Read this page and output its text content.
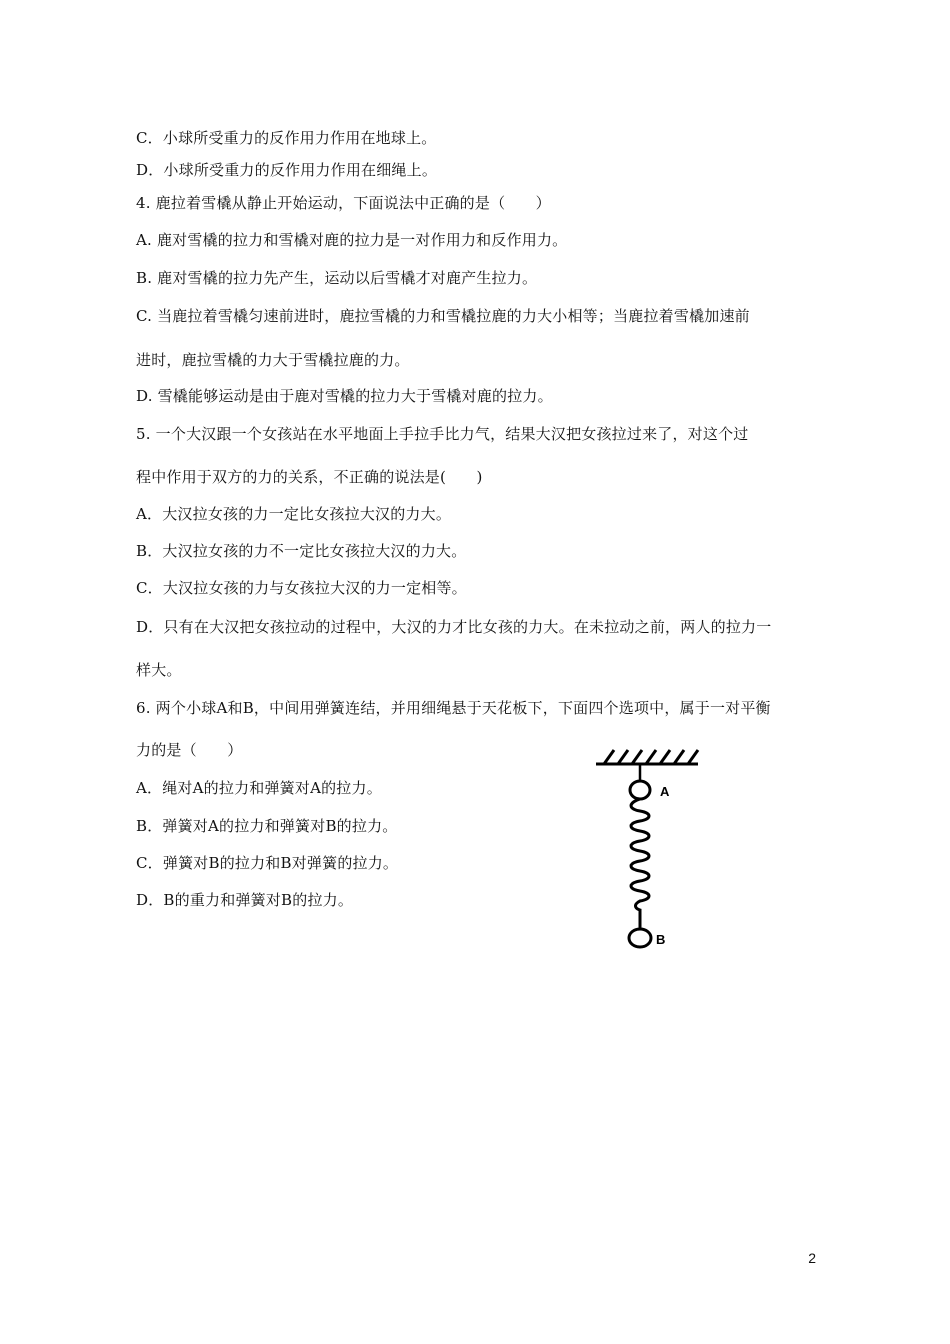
C．小球所受重力的反作用力作用在地球上。
D．小球所受重力的反作用力作用在细绳上。
4. 鹿拉着雪橇从静止开始运动，下面说法中正确的是（　　）
A. 鹿对雪橇的拉力和雪橇对鹿的拉力是一对作用力和反作用力。
B. 鹿对雪橇的拉力先产生，运动以后雪橇才对鹿产生拉力。
C. 当鹿拉着雪橇匀速前进时，鹿拉雪橇的力和雪橇拉鹿的力大小相等；当鹿拉着雪橇加速前
进时，鹿拉雪橇的力大于雪橇拉鹿的力。
D. 雪橇能够运动是由于鹿对雪橇的拉力大于雪橇对鹿的拉力。
5. 一个大汉跟一个女孩站在水平地面上手拉手比力气，结果大汉把女孩拉过来了，对这个过
程中作用于双方的力的关系，不正确的说法是(　　)
A．大汉拉女孩的力一定比女孩拉大汉的力大。
B．大汉拉女孩的力不一定比女孩拉大汉的力大。
C．大汉拉女孩的力与女孩拉大汉的力一定相等。
D．只有在大汉把女孩拉动的过程中，大汉的力才比女孩的力大。在未拉动之前，两人的拉力一
样大。
6. 两个小球A和B，中间用弹簧连结，并用细绳悬于天花板下，下面四个选项中，属于一对平衡
力的是（　　）
A．绳对A的拉力和弹簧对A的拉力。
B．弹簧对A的拉力和弹簧对B的拉力。
C．弹簧对B的拉力和B对弹簧的拉力。
D．B的重力和弹簧对B的拉力。
A
B
2
